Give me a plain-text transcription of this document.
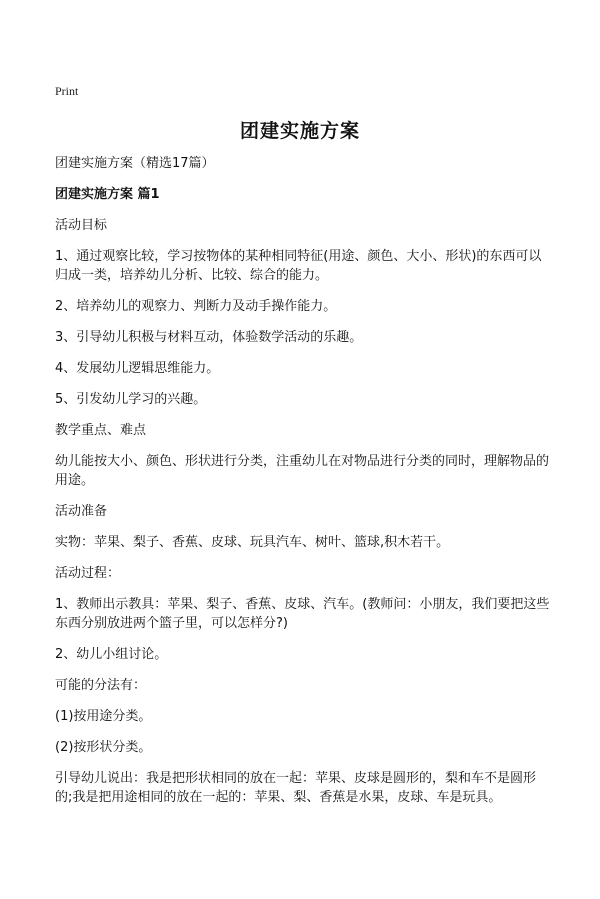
Print
团建实施方案

团建实施方案（精选17篇）

团建实施方案 篇1

活动目标

1、通过观察比较，学习按物体的某种相同特征(用途、颜色、大小、形状)的东西可以归成一类，培养幼儿分析、比较、综合的能力。

2、培养幼儿的观察力、判断力及动手操作能力。

3、引导幼儿积极与材料互动，体验数学活动的乐趣。

4、发展幼儿逻辑思维能力。

5、引发幼儿学习的兴趣。

教学重点、难点

幼儿能按大小、颜色、形状进行分类，注重幼儿在对物品进行分类的同时，理解物品的用途。

活动准备

实物：苹果、梨子、香蕉、皮球、玩具汽车、树叶、篮球,积木若干。

活动过程：

1、教师出示教具：苹果、梨子、香蕉、皮球、汽车。(教师问：小朋友，我们要把这些东西分别放进两个篮子里，可以怎样分?)

2、幼儿小组讨论。

可能的分法有：

(1)按用途分类。

(2)按形状分类。

引导幼儿说出：我是把形状相同的放在一起：苹果、皮球是圆形的，梨和车不是圆形的;我是把用途相同的放在一起的：苹果、梨、香蕉是水果，皮球、车是玩具。
